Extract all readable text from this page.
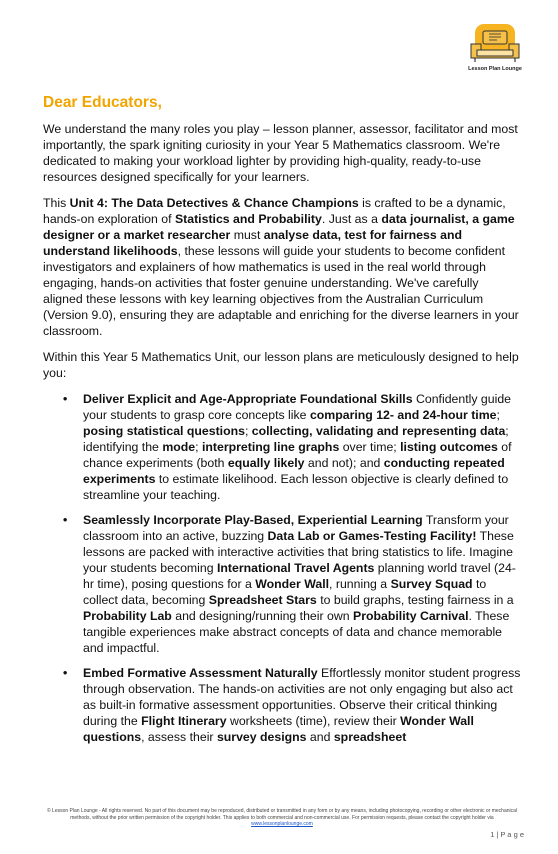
Lesson Plan Lounge
Dear Educators,

We understand the many roles you play – lesson planner, assessor, facilitator and most importantly, the spark igniting curiosity in your Year 5 Mathematics classroom. We're dedicated to making your workload lighter by providing high-quality, ready-to-use resources designed specifically for your learners.

This Unit 4: The Data Detectives & Chance Champions is crafted to be a dynamic, hands-on exploration of Statistics and Probability. Just as a data journalist, a game designer or a market researcher must analyse data, test for fairness and understand likelihoods, these lessons will guide your students to become confident investigators and explainers of how mathematics is used in the real world through engaging, hands-on activities that foster genuine understanding. We've carefully aligned these lessons with key learning objectives from the Australian Curriculum (Version 9.0), ensuring they are adaptable and enriching for the diverse learners in your classroom.

Within this Year 5 Mathematics Unit, our lesson plans are meticulously designed to help you:

• Deliver Explicit and Age-Appropriate Foundational Skills Confidently guide your students to grasp core concepts like comparing 12- and 24-hour time; posing statistical questions; collecting, validating and representing data; identifying the mode; interpreting line graphs over time; listing outcomes of chance experiments (both equally likely and not); and conducting repeated experiments to estimate likelihood. Each lesson objective is clearly defined to streamline your teaching.
• Seamlessly Incorporate Play-Based, Experiential Learning Transform your classroom into an active, buzzing Data Lab or Games-Testing Facility! These lessons are packed with interactive activities that bring statistics to life. Imagine your students becoming International Travel Agents planning world travel (24-hr time), posing questions for a Wonder Wall, running a Survey Squad to collect data, becoming Spreadsheet Stars to build graphs, testing fairness in a Probability Lab and designing/running their own Probability Carnival. These tangible experiences make abstract concepts of data and chance memorable and impactful.
• Embed Formative Assessment Naturally Effortlessly monitor student progress through observation. The hands-on activities are not only engaging but also act as built-in formative assessment opportunities. Observe their critical thinking during the Flight Itinerary worksheets (time), review their Wonder Wall questions, assess their survey designs and spreadsheet
© Lesson Plan Lounge - All rights reserved. No part of this document may be reproduced, distributed or transmitted in any form or by any means, including photocopying, recording or other electronic or mechanical methods, without the prior written permission of the copyright holder. This applies to both commercial and non-commercial use. For permission requests, please contact the copyright holder via www.lessonplanlounge.com
1 | P a g e
